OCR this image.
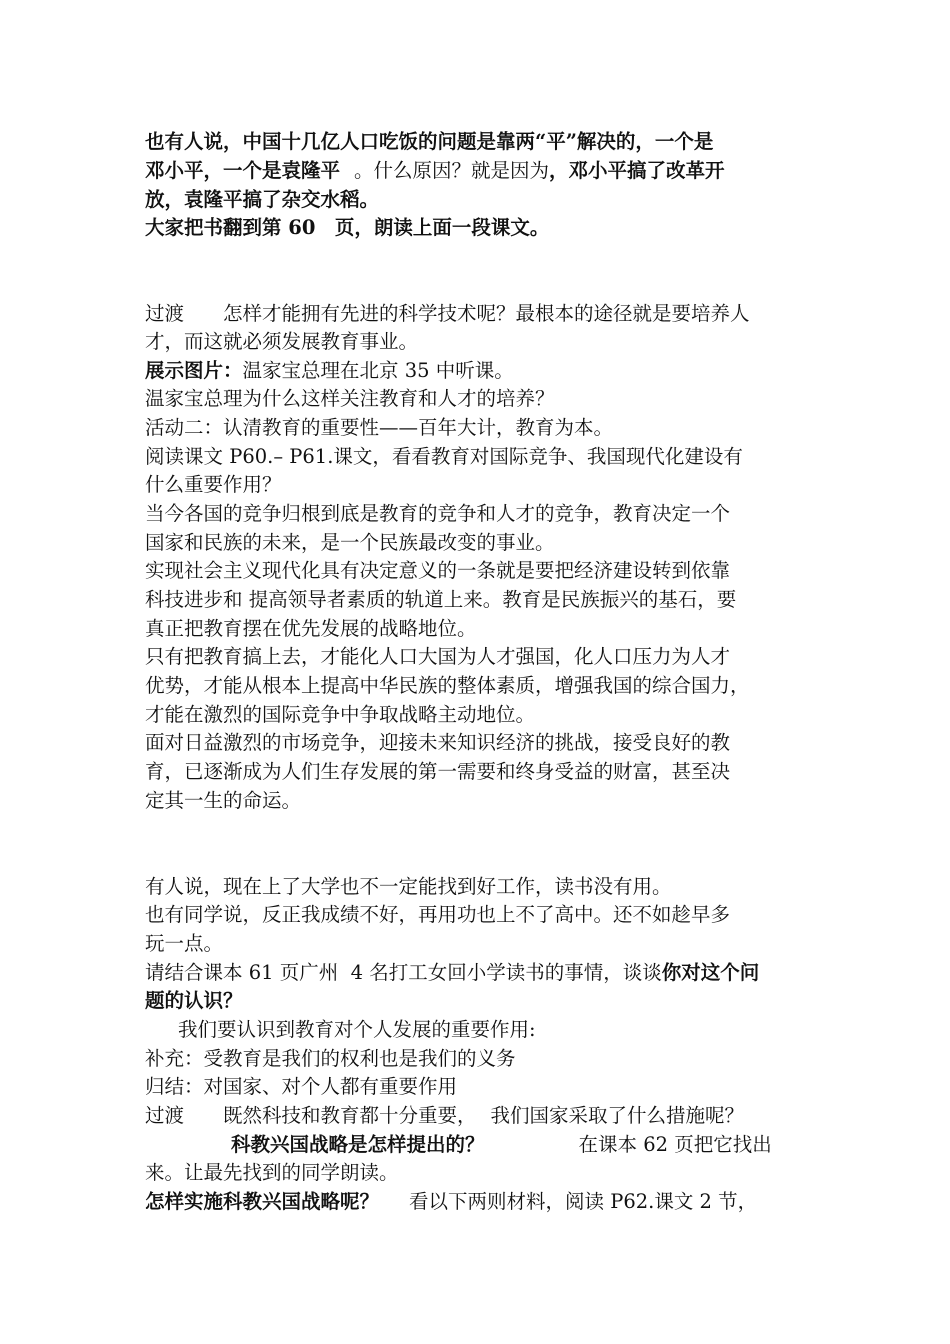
也有人说，中国十几亿人口吃饭的问题是靠两“平”解决的，一个是
邓小平，一个是袁隆平 。什么原因？就是因为，邓小平搞了改革开
放，袁隆平搞了杂交水稻。
大家把书翻到第 60　页，朗读上面一段课文。
过渡　　怎样才能拥有先进的科学技术呢？最根本的途径就是要培养人
才，而这就必须发展教育事业。
展示图片：温家宝总理在北京 35 中听课。
温家宝总理为什么这样关注教育和人才的培养？
活动二：认清教育的重要性——百年大计，教育为本。
阅读课文 P60.– P61.课文，看看教育对国际竞争、我国现代化建设有
什么重要作用？
当今各国的竞争归根到底是教育的竞争和人才的竞争，教育决定一个
国家和民族的未来，是一个民族最改变的事业。
实现社会主义现代化具有决定意义的一条就是要把经济建设转到依靠
科技进步和 提高领导者素质的轨道上来。教育是民族振兴的基石，要
真正把教育摆在优先发展的战略地位。
只有把教育搞上去，才能化人口大国为人才强国，化人口压力为人才
优势，才能从根本上提高中华民族的整体素质，增强我国的综合国力，
才能在激烈的国际竞争中争取战略主动地位。
面对日益激烈的市场竞争，迎接未来知识经济的挑战，接受良好的教
育，已逐渐成为人们生存发展的第一需要和终身受益的财富，甚至决
定其一生的命运。
有人说，现在上了大学也不一定能找到好工作，读书没有用。
也有同学说，反正我成绩不好，再用功也上不了高中。还不如趁早多
玩一点。
请结合课本 61 页广州  4 名打工女回小学读书的事情，谈谈你对这个问
题的认识？
我们要认识到教育对个人发展的重要作用:
补充：受教育是我们的权利也是我们的义务
归结：对国家、对个人都有重要作用
过渡　　既然科技和教育都十分重要， 我们国家采取了什么措施呢？
科教兴国战略是怎样提出的？	在课本 62 页把它找出
来。让最先找到的同学朗读。
怎样实施科教兴国战略呢？ 看以下两则材料，阅读 P62.课文 2 节，
